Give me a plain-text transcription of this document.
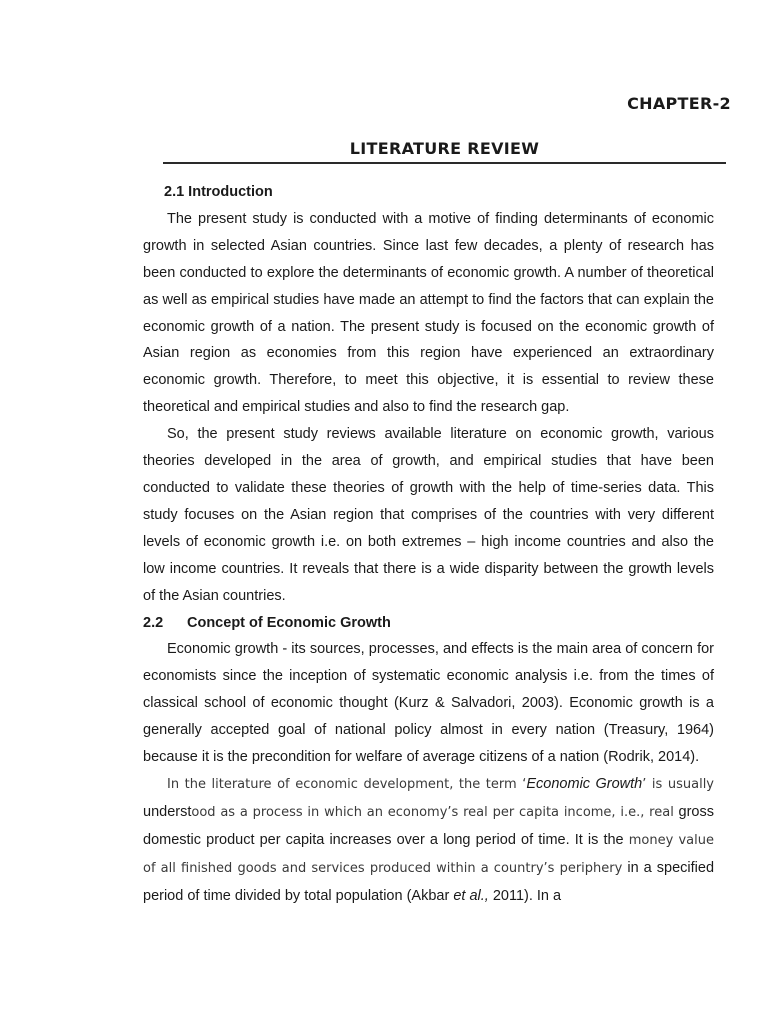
CHAPTER-2
LITERATURE REVIEW
2.1 Introduction

The present study is conducted with a motive of finding determinants of economic growth in selected Asian countries. Since last few decades, a plenty of research has been conducted to explore the determinants of economic growth. A number of theoretical as well as empirical studies have made an attempt to find the factors that can explain the economic growth of a nation. The present study is focused on the economic growth of Asian region as economies from this region have experienced an extraordinary economic growth. Therefore, to meet this objective, it is essential to review these theoretical and empirical studies and also to find the research gap.

So, the present study reviews available literature on economic growth, various theories developed in the area of growth, and empirical studies that have been conducted to validate these theories of growth with the help of time-series data. This study focuses on the Asian region that comprises of the countries with very different levels of economic growth i.e. on both extremes – high income countries and also the low income countries. It reveals that there is a wide disparity between the growth levels of the Asian countries.

2.2 Concept of Economic Growth

Economic growth - its sources, processes, and effects is the main area of concern for economists since the inception of systematic economic analysis i.e. from the times of classical school of economic thought (Kurz & Salvadori, 2003). Economic growth is a generally accepted goal of national policy almost in every nation (Treasury, 1964) because it is the precondition for welfare of average citizens of a nation (Rodrik, 2014).

In the literature of economic development, the term ‘Economic Growth’ is usually understood as a process in which an economy’s real per capita income, i.e., real gross domestic product per capita increases over a long period of time. It is the money value of all finished goods and services produced within a country’s periphery in a specified period of time divided by total population (Akbar et al., 2011). In a
